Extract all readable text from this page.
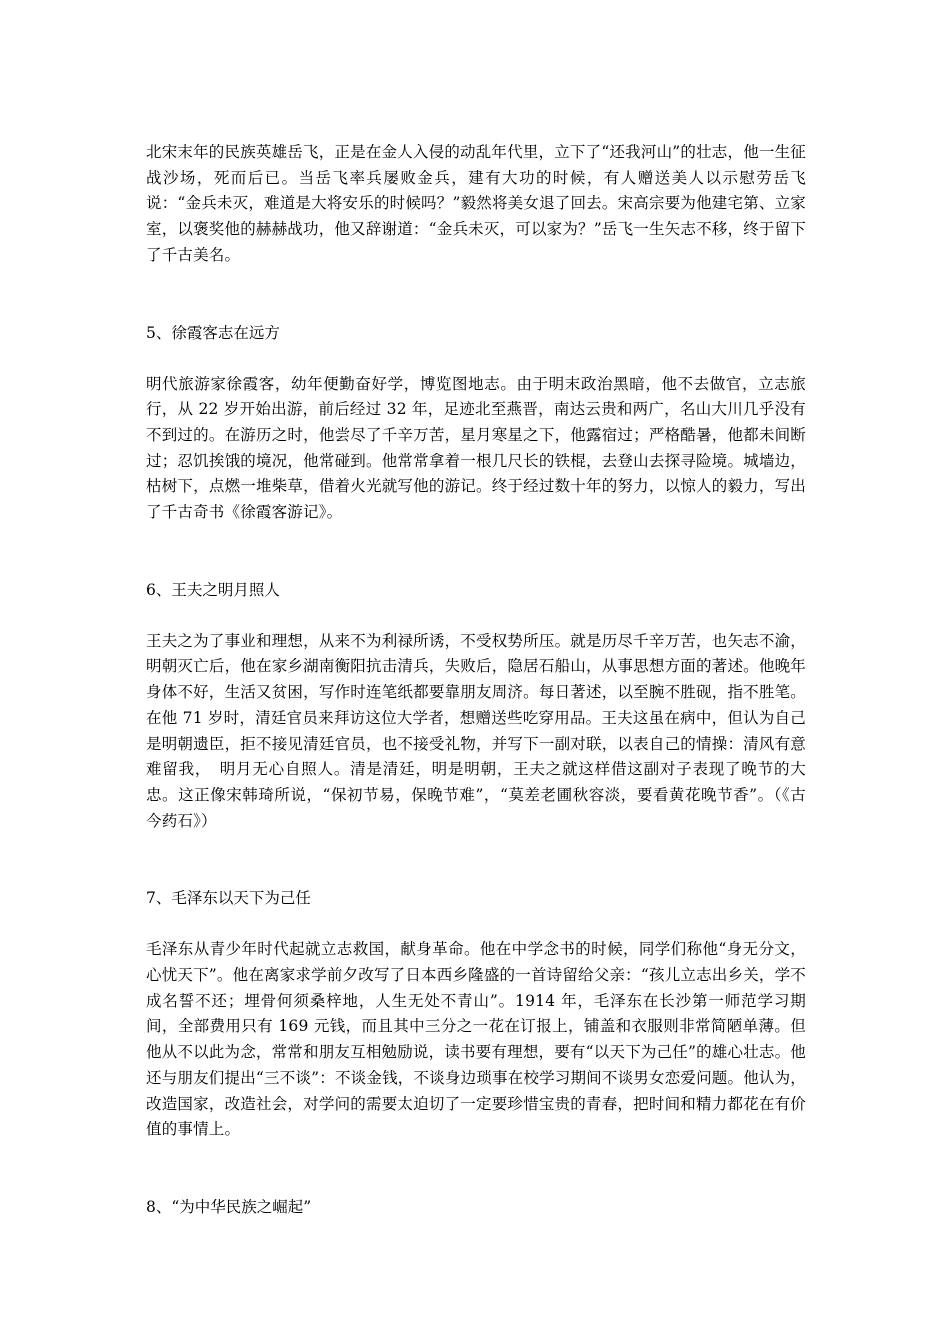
北宋末年的民族英雄岳飞，正是在金人入侵的动乱年代里，立下了“还我河山”的壮志，他一生征战沙场，死而后已。当岳飞率兵屡败金兵，建有大功的时候，有人赠送美人以示慰劳岳飞说：“金兵未灭，难道是大将安乐的时候吗？”毅然将美女退了回去。宋高宗要为他建宅第、立家室，以褒奖他的赫赫战功，他又辞谢道：“金兵未灭，可以家为？”岳飞一生矢志不移，终于留下了千古美名。

5、徐霞客志在远方

明代旅游家徐霞客，幼年便勤奋好学，博览图地志。由于明末政治黑暗，他不去做官，立志旅行，从 22 岁开始出游，前后经过 32 年，足迹北至燕晋，南达云贵和两广，名山大川几乎没有不到过的。在游历之时，他尝尽了千辛万苦，星月寒星之下，他露宿过；严格酷暑，他都未间断过；忍饥挨饿的境况，他常碰到。他常常拿着一根几尺长的铁棍，去登山去探寻险境。城墙边，枯树下，点燃一堆柴草，借着火光就写他的游记。终于经过数十年的努力，以惊人的毅力，写出了千古奇书《徐霞客游记》。

6、王夫之明月照人

王夫之为了事业和理想，从来不为利禄所诱，不受权势所压。就是历尽千辛万苦，也矢志不渝，明朝灭亡后，他在家乡湖南衡阳抗击清兵，失败后，隐居石船山，从事思想方面的著述。他晚年身体不好，生活又贫困，写作时连笔纸都要靠朋友周济。每日著述，以至腕不胜砚，指不胜笔。在他 71 岁时，清廷官员来拜访这位大学者，想赠送些吃穿用品。王夫这虽在病中，但认为自己是明朝遗臣，拒不接见清廷官员，也不接受礼物，并写下一副对联，以表自己的情操：清风有意难留我，　明月无心自照人。清是清廷，明是明朝，王夫之就这样借这副对子表现了晚节的大忠。这正像宋韩琦所说，“保初节易，保晚节难”，“莫差老圃秋容淡，要看黄花晚节香”。（《古今药石》）

7、毛泽东以天下为己任

毛泽东从青少年时代起就立志救国，献身革命。他在中学念书的时候，同学们称他“身无分文，心忧天下”。他在离家求学前夕改写了日本西乡隆盛的一首诗留给父亲：“孩儿立志出乡关，学不成名誓不还；埋骨何须桑梓地，人生无处不青山”。1914 年，毛泽东在长沙第一师范学习期间，全部费用只有 169 元钱，而且其中三分之一花在订报上，铺盖和衣服则非常简陋单薄。但他从不以此为念，常常和朋友互相勉励说，读书要有理想，要有“以天下为己任”的雄心壮志。他还与朋友们提出“三不谈”：不谈金钱，不谈身边琐事在校学习期间不谈男女恋爱问题。他认为，改造国家，改造社会，对学问的需要太迫切了一定要珍惜宝贵的青春，把时间和精力都花在有价值的事情上。

8、“为中华民族之崛起”
